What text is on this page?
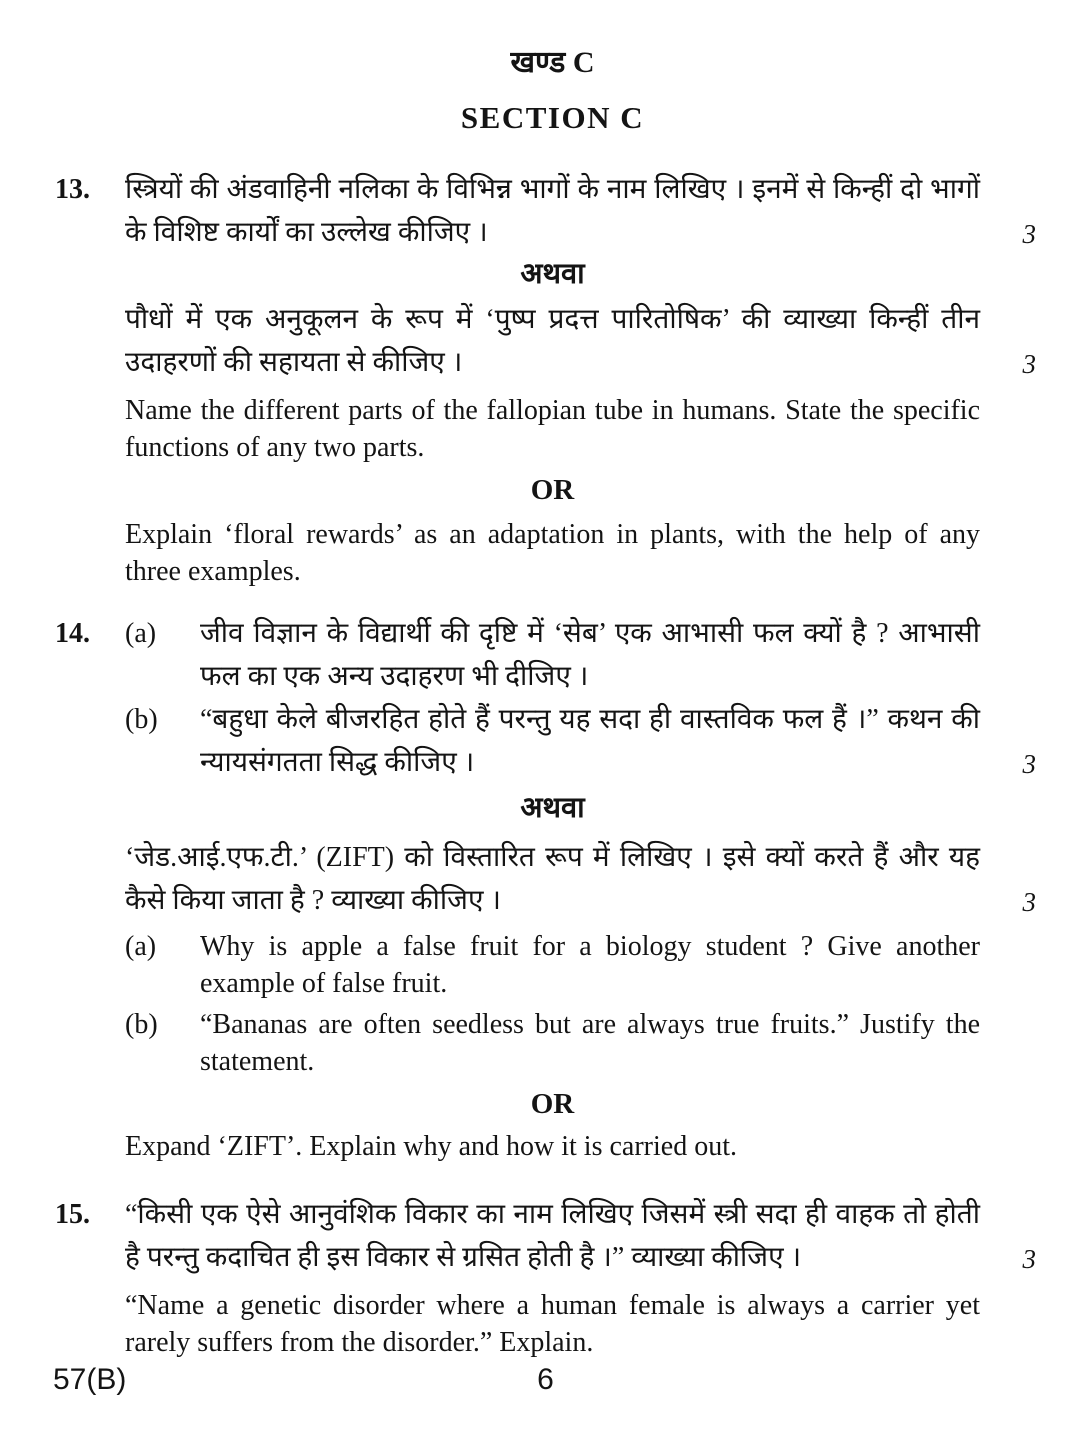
खण्ड C
SECTION C
13. स्त्रियों की अंडवाहिनी नलिका के विभिन्न भागों के नाम लिखिए । इनमें से किन्हीं दो भागों के विशिष्ट कार्यों का उल्लेख कीजिए ।	3
अथवा

पौधों में एक अनुकूलन के रूप में ‘पुष्प प्रदत्त पारितोषिक’ की व्याख्या किन्हीं तीन उदाहरणों की सहायता से कीजिए ।	3

Name the different parts of the fallopian tube in humans. State the specific functions of any two parts.

OR

Explain ‘floral rewards’ as an adaptation in plants, with the help of any three examples.

14. (a) जीव विज्ञान के विद्यार्थी की दृष्टि में ‘सेब’ एक आभासी फल क्यों है ? आभासी फल का एक अन्य उदाहरण भी दीजिए ।

(b) “बहुधा केले बीजरहित होते हैं परन्तु यह सदा ही वास्तविक फल हैं ।” कथन की न्यायसंगतता सिद्ध कीजिए ।	3
अथवा

‘जेड.आई.एफ.टी.’ (ZIFT) को विस्तारित रूप में लिखिए । इसे क्यों करते हैं और यह कैसे किया जाता है ? व्याख्या कीजिए ।	3
(a) Why is apple a false fruit for a biology student ? Give another example of false fruit.

(b) “Bananas are often seedless but are always true fruits.” Justify the statement.

OR

Expand ‘ZIFT’. Explain why and how it is carried out.

15. “किसी एक ऐसे आनुवंशिक विकार का नाम लिखिए जिसमें स्त्री सदा ही वाहक तो होती है परन्तु कदाचित ही इस विकार से ग्रसित होती है ।” व्याख्या कीजिए ।	3

“Name a genetic disorder where a human female is always a carrier yet rarely suffers from the disorder.” Explain.

57(B)	6
